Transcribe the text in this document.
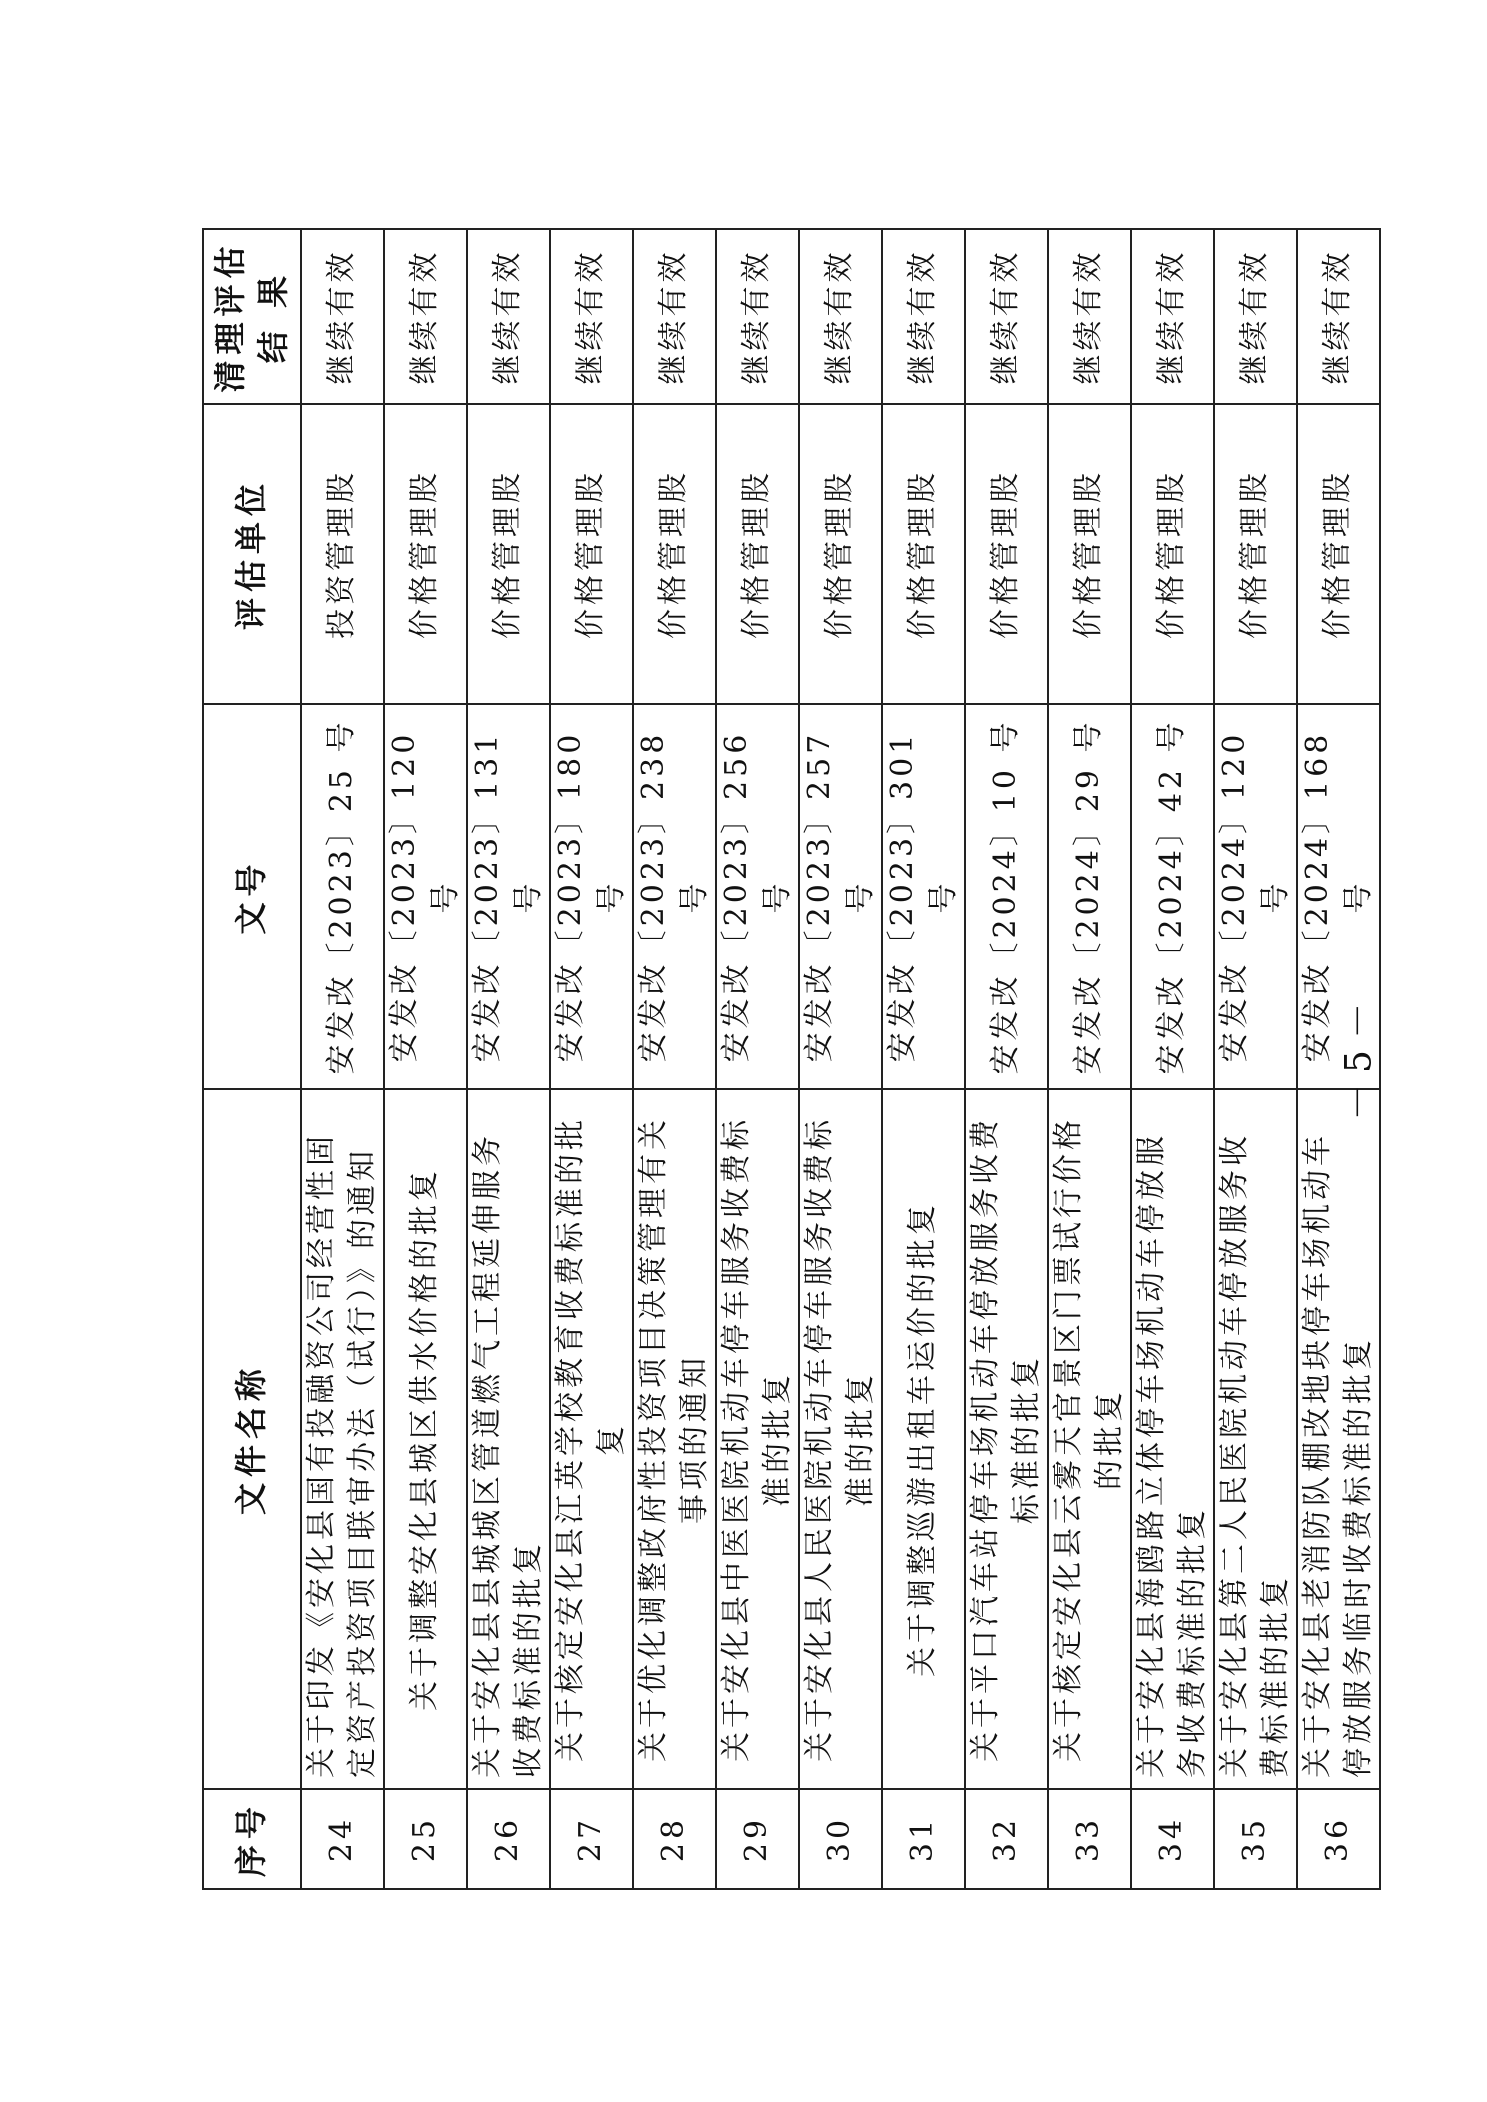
序号	文件名称	文号	评估单位	清理评估结 果
24	关于印发《安化县国有投融资公司经营性固定资产投资项目联审办法（试行）》的通知	安发改〔2023〕25 号	投资管理股	继续有效
25	关于调整安化县城区供水价格的批复	安发改〔2023〕120 号	价格管理股	继续有效
26	关于安化县县城城区管道燃气工程延伸服务收费标准的批复	安发改〔2023〕131 号	价格管理股	继续有效
27	关于核定安化县江英学校教育收费标准的批复	安发改〔2023〕180 号	价格管理股	继续有效
28	关于优化调整政府性投资项目决策管理有关事项的通知	安发改〔2023〕238 号	价格管理股	继续有效
29	关于安化县中医医院机动车停车服务收费标准的批复	安发改〔2023〕256 号	价格管理股	继续有效
30	关于安化县人民医院机动车停车服务收费标准的批复	安发改〔2023〕257 号	价格管理股	继续有效
31	关于调整巡游出租车运价的批复	安发改〔2023〕301 号	价格管理股	继续有效
32	关于平口汽车站停车场机动车停放服务收费标准的批复	安发改〔2024〕10 号	价格管理股	继续有效
33	关于核定安化县云雾天官景区门票试行价格的批复	安发改〔2024〕29 号	价格管理股	继续有效
34	关于安化县海鸥路立体停车场机动车停放服务收费标准的批复	安发改〔2024〕42 号	价格管理股	继续有效
35	关于安化县第二人民医院机动车停放服务收费标准的批复	安发改〔2024〕120 号	价格管理股	继续有效
36	关于安化县老消防队棚改地块停车场机动车停放服务临时收费标准的批复	安发改〔2024〕168 号	价格管理股	继续有效
－ 5 －
